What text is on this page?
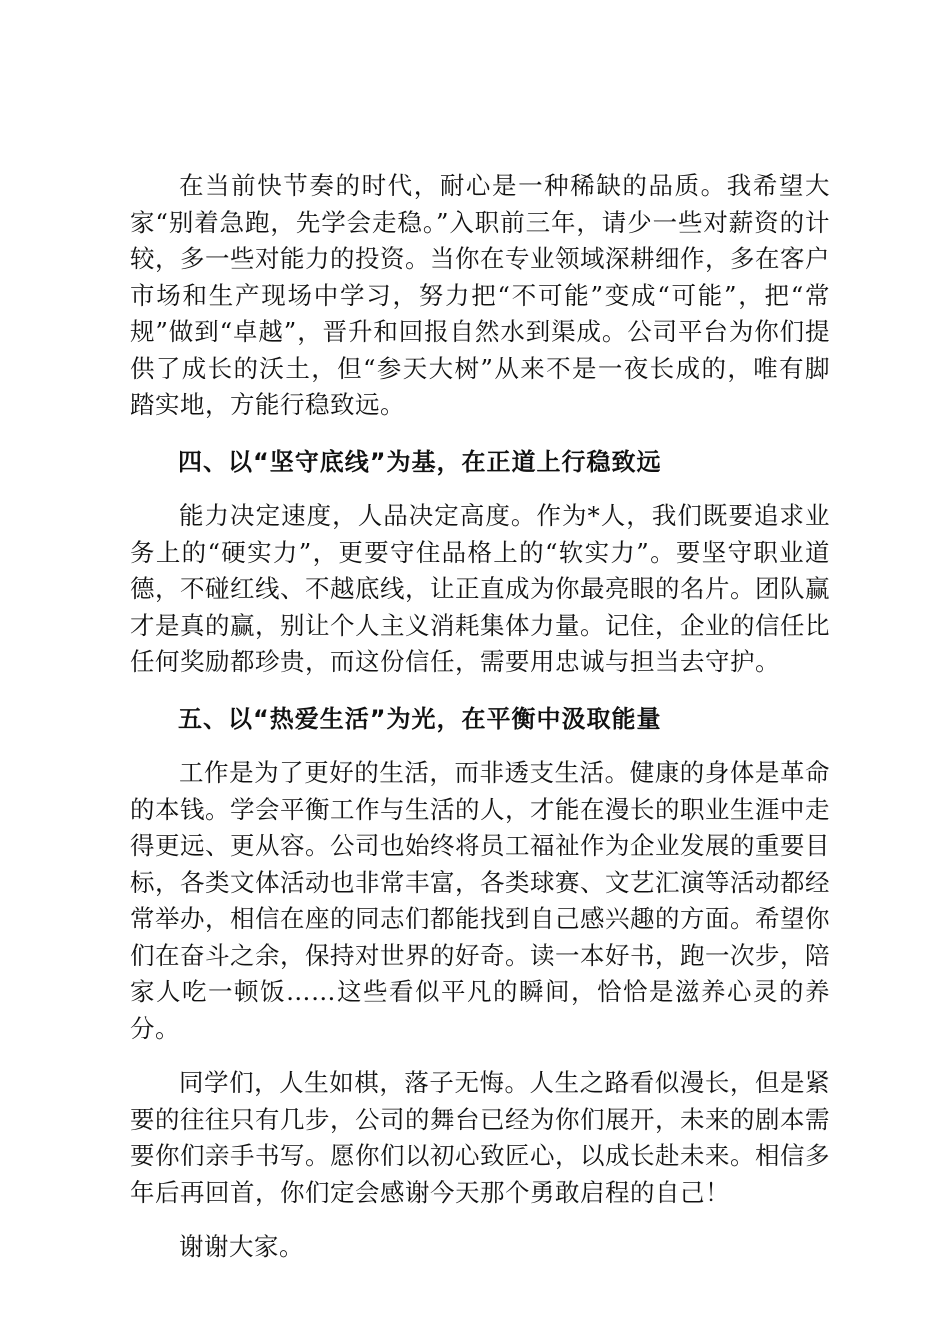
在当前快节奏的时代，耐心是一种稀缺的品质。我希望大家“别着急跑，先学会走稳。”入职前三年，请少一些对薪资的计较，多一些对能力的投资。当你在专业领域深耕细作，多在客户市场和生产现场中学习，努力把“不可能”变成“可能”，把“常规”做到“卓越”，晋升和回报自然水到渠成。公司平台为你们提供了成长的沃土，但“参天大树”从来不是一夜长成的，唯有脚踏实地，方能行稳致远。

四、以“坚守底线”为基，在正道上行稳致远

能力决定速度，人品决定高度。作为*人，我们既要追求业务上的“硬实力”，更要守住品格上的“软实力”。要坚守职业道德，不碰红线、不越底线，让正直成为你最亮眼的名片。团队赢才是真的赢，别让个人主义消耗集体力量。记住，企业的信任比任何奖励都珍贵，而这份信任，需要用忠诚与担当去守护。

五、以“热爱生活”为光，在平衡中汲取能量

工作是为了更好的生活，而非透支生活。健康的身体是革命的本钱。学会平衡工作与生活的人，才能在漫长的职业生涯中走得更远、更从容。公司也始终将员工福祉作为企业发展的重要目标，各类文体活动也非常丰富，各类球赛、文艺汇演等活动都经常举办，相信在座的同志们都能找到自己感兴趣的方面。希望你们在奋斗之余，保持对世界的好奇。读一本好书，跑一次步，陪家人吃一顿饭……这些看似平凡的瞬间，恰恰是滋养心灵的养分。

同学们，人生如棋，落子无悔。人生之路看似漫长，但是紧要的往往只有几步，公司的舞台已经为你们展开，未来的剧本需要你们亲手书写。愿你们以初心致匠心，以成长赴未来。相信多年后再回首，你们定会感谢今天那个勇敢启程的自己！

谢谢大家。
